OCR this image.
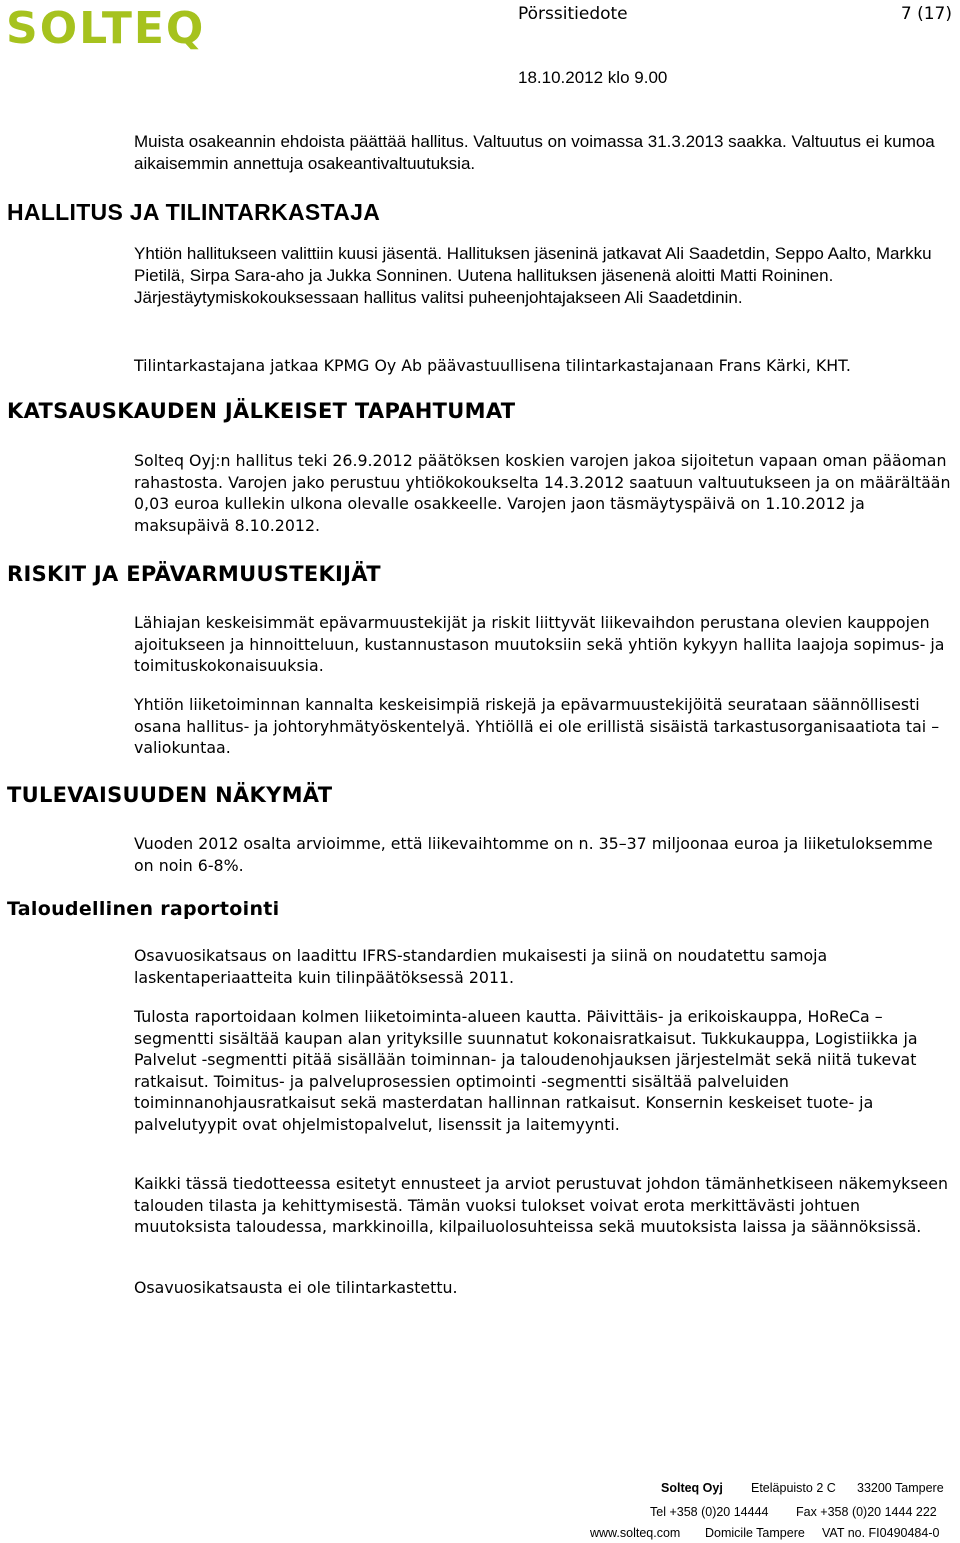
SOLTEQ	Pörssitiedote	7 (17)
18.10.2012 klo 9.00

Muista osakeannin ehdoista päättää hallitus. Valtuutus on voimassa 31.3.2013 saakka. Valtuutus ei kumoa aikaisemmin annettuja osakeantivaltuutuksia.

HALLITUS JA TILINTARKASTAJA

Yhtiön hallitukseen valittiin kuusi jäsentä. Hallituksen jäseninä jatkavat Ali Saadetdin, Seppo Aalto, Markku Pietilä, Sirpa Sara-aho ja Jukka Sonninen. Uutena hallituksen jäsenenä aloitti Matti Roininen. Järjestäytymiskokouksessaan hallitus valitsi puheenjohtajakseen Ali Saadetdinin.

Tilintarkastajana jatkaa KPMG Oy Ab päävastuullisena tilintarkastajanaan Frans Kärki, KHT.

KATSAUSKAUDEN JÄLKEISET TAPAHTUMAT

Solteq Oyj:n hallitus teki 26.9.2012 päätöksen koskien varojen jakoa sijoitetun vapaan oman pääoman rahastosta. Varojen jako perustuu yhtiökokoukselta 14.3.2012 saatuun valtuutukseen ja on määrältään 0,03 euroa kullekin ulkona olevalle osakkeelle. Varojen jaon täsmäytyspäivä on 1.10.2012 ja maksupäivä 8.10.2012.

RISKIT JA EPÄVARMUUSTEKIJÄT

Lähiajan keskeisimmät epävarmuustekijät ja riskit liittyvät liikevaihdon perustana olevien kauppojen ajoitukseen ja hinnoitteluun, kustannustason muutoksiin sekä yhtiön kykyyn hallita laajoja sopimus- ja toimituskokonaisuuksia.

Yhtiön liiketoiminnan kannalta keskeisimpiä riskejä ja epävarmuustekijöitä seurataan säännöllisesti osana hallitus- ja johtoryhmätyöskentelyä. Yhtiöllä ei ole erillistä sisäistä tarkastusorganisaatiota tai –valiokuntaa.

TULEVAISUUDEN NÄKYMÄT

Vuoden 2012 osalta arvioimme, että liikevaihtomme on n. 35–37 miljoonaa euroa ja liiketuloksemme on noin 6-8%.

Taloudellinen raportointi

Osavuosikatsaus on laadittu IFRS-standardien mukaisesti ja siinä on noudatettu samoja laskentaperiaatteita kuin tilinpäätöksessä 2011.

Tulosta raportoidaan kolmen liiketoiminta-alueen kautta. Päivittäis- ja erikoiskauppa, HoReCa –segmentti sisältää kaupan alan yrityksille suunnatut kokonaisratkaisut. Tukkukauppa, Logistiikka ja Palvelut -segmentti pitää sisällään toiminnan- ja taloudenohjauksen järjestelmät sekä niitä tukevat ratkaisut. Toimitus- ja palveluprosessien optimointi -segmentti sisältää palveluiden toiminnanohjausratkaisut sekä masterdatan hallinnan ratkaisut. Konsernin keskeiset tuote- ja palvelutyypit ovat ohjelmistopalvelut, lisenssit ja laitemyynti.

Kaikki tässä tiedotteessa esitetyt ennusteet ja arviot perustuvat johdon tämänhetkiseen näkemykseen talouden tilasta ja kehittymisestä. Tämän vuoksi tulokset voivat erota merkittävästi johtuen muutoksista taloudessa, markkinoilla, kilpailuolosuhteissa sekä muutoksista laissa ja säännöksissä.

Osavuosikatsausta ei ole tilintarkastettu.

Solteq Oyj Eteläpuisto 2 C 33200 Tampere
Tel +358 (0)20 14444 Fax +358 (0)20 1444 222
www.solteq.com Domicile Tampere VAT no. FI0490484-0
